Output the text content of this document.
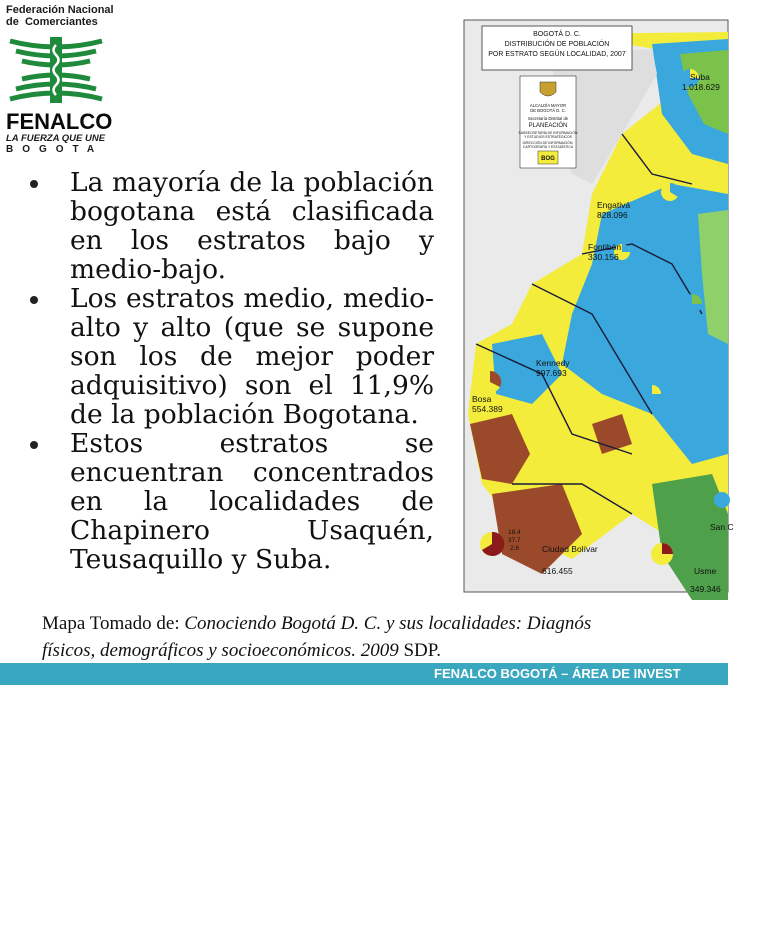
Federación Nacional

de  Comerciantes

FENALCO
LA FUERZA QUE UNE
BOGOTA
La mayoría de la población bogotana está clasificada en los estratos bajo y medio-bajo.
Los estratos medio, medio-alto y alto (que se supone son los de mejor poder adquisitivo) son el 11,9% de la población Bogotana.
Estos estratos se encuentran concentrados en la localidades de Chapinero Usaquén, Teusaquillo y Suba.
BOGOTÁ D. C.
DISTRIBUCIÓN DE POBLACIÓN
POR ESTRATO SEGÚN LOCALIDAD, 2007
ALCALDÍA MAYOR
DE BOGOTÁ D. C.
Secretaría Distrital de
PLANEACIÓN
SUBSECRETARÍA DE INFORMACIÓN
Y ESTUDIOS ESTRATÉGICOS
DIRECCIÓN DE INFORMACIÓN,
CARTOGRAFÍA Y ESTADÍSTICA
BOG
Suba
1.018.629
Engativá
828.096
Fontibón
330.156
Kennedy
997.693
Bosa
554.389
Ciudad Bolívar
616.455	Usme
349.346
San C
18.4
37.7
2.6
Mapa Tomado de: Conociendo Bogotá D. C. y sus localidades: Diagnós
físicos, demográficos y socioeconómicos. 2009 SDP.
FENALCO BOGOTÁ – ÁREA DE INVEST
